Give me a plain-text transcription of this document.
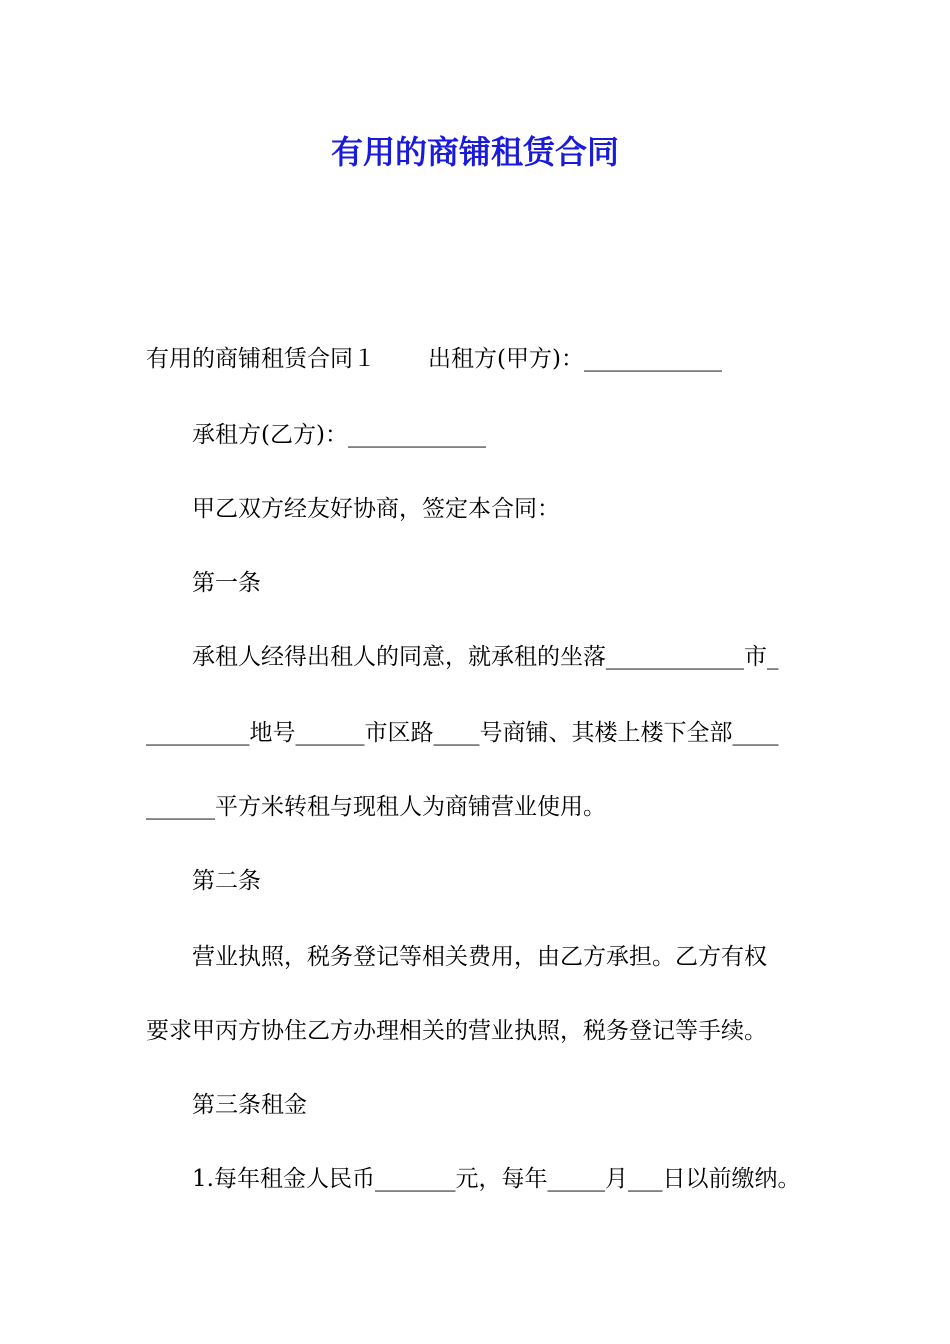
有用的商铺租赁合同
有用的商铺租赁合同１ 出租方(甲方)：____________
承租方(乙方)：____________
甲乙双方经友好协商，签定本合同：
第一条
承租人经得出租人的同意，就承租的坐落____________市_
_________地号______市区路____号商铺、其楼上楼下全部____
______平方米转租与现租人为商铺营业使用。
第二条
营业执照，税务登记等相关费用，由乙方承担。乙方有权
要求甲丙方协住乙方办理相关的营业执照，税务登记等手续。
第三条租金
1.每年租金人民币_______元，每年_____月___日以前缴纳。
